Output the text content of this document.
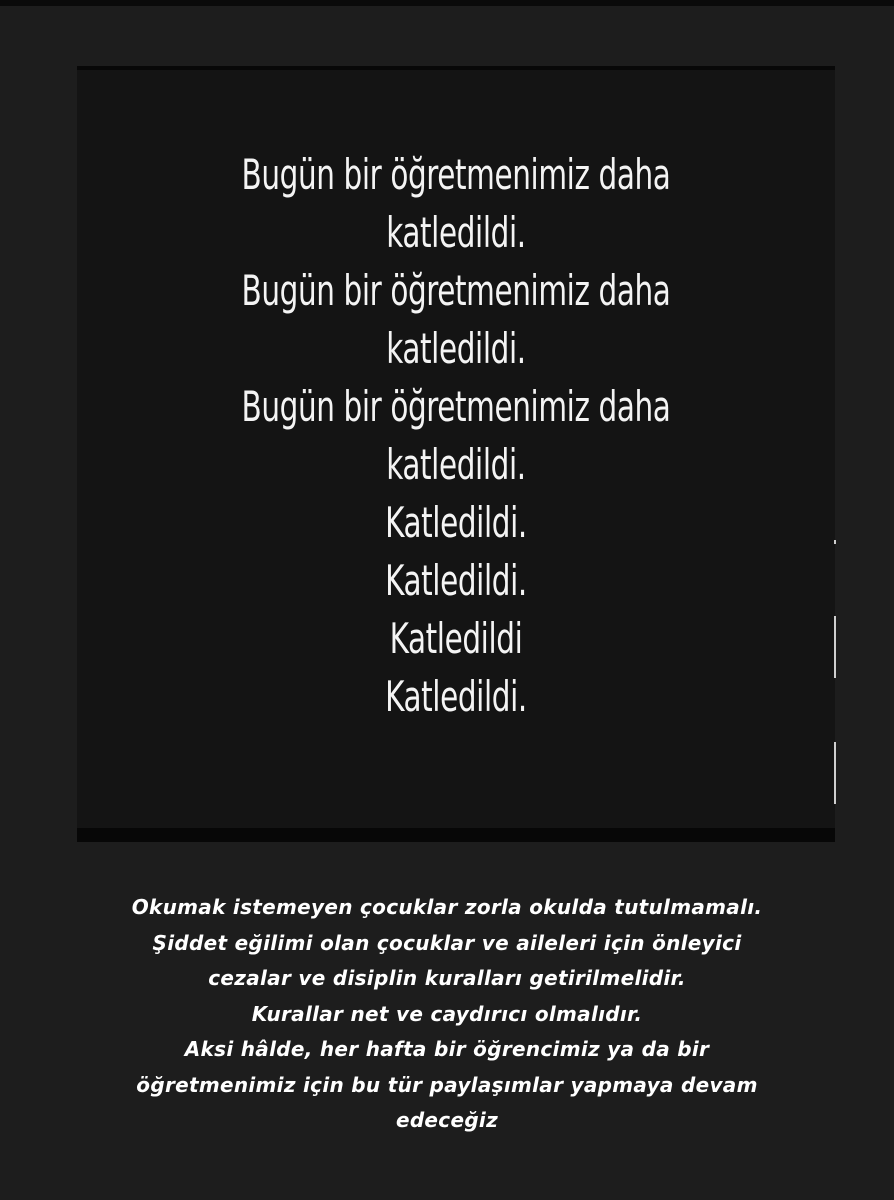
Bugün bir öğretmenimiz daha
katledildi.
Bugün bir öğretmenimiz daha
katledildi.
Bugün bir öğretmenimiz daha
katledildi.
Katledildi.
Katledildi.
Katledildi
Katledildi.
Okumak istemeyen çocuklar zorla okulda tutulmamalı.
Şiddet eğilimi olan çocuklar ve aileleri için önleyici
cezalar ve disiplin kuralları getirilmelidir.
Kurallar net ve caydırıcı olmalıdır.
Aksi hâlde, her hafta bir öğrencimiz ya da bir
öğretmenimiz için bu tür paylaşımlar yapmaya devam
edeceğiz
